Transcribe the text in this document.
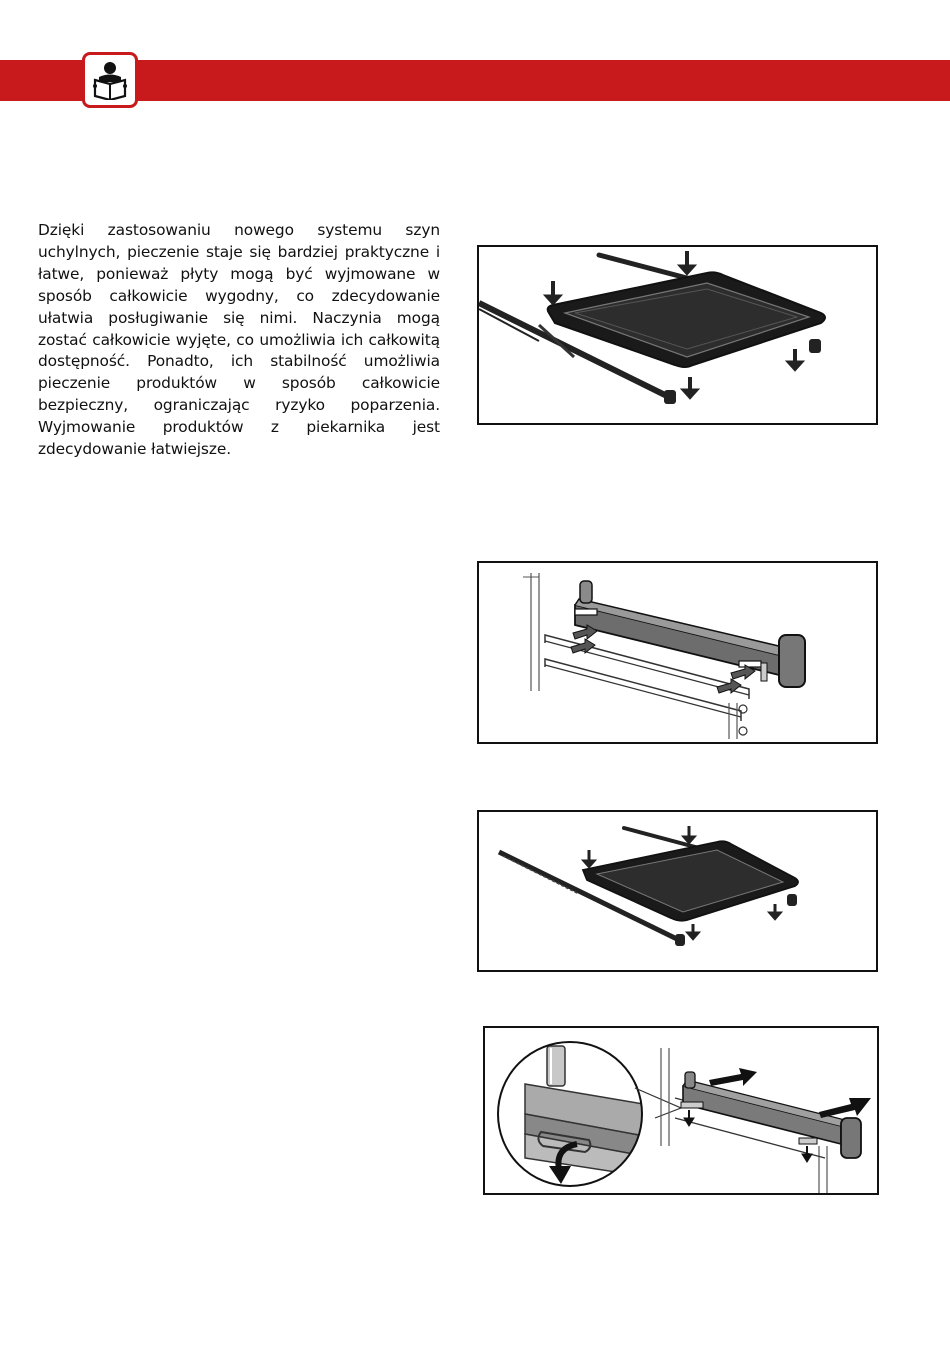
Dzięki zastosowaniu nowego systemu szyn uchylnych, pieczenie staje się bardziej praktyczne i łatwe, ponieważ płyty mogą być wyjmowane w sposób całkowicie wygodny, co zdecydowanie ułatwia posługiwanie się nimi. Naczynia mogą zostać całkowicie wyjęte, co umożliwia ich całkowitą dostępność. Ponadto, ich stabilność umożliwia pieczenie produktów w sposób całkowicie bezpieczny, ograniczając ryzyko poparzenia. Wyjmowanie produktów z piekarnika jest zdecydowanie łatwiejsze.
